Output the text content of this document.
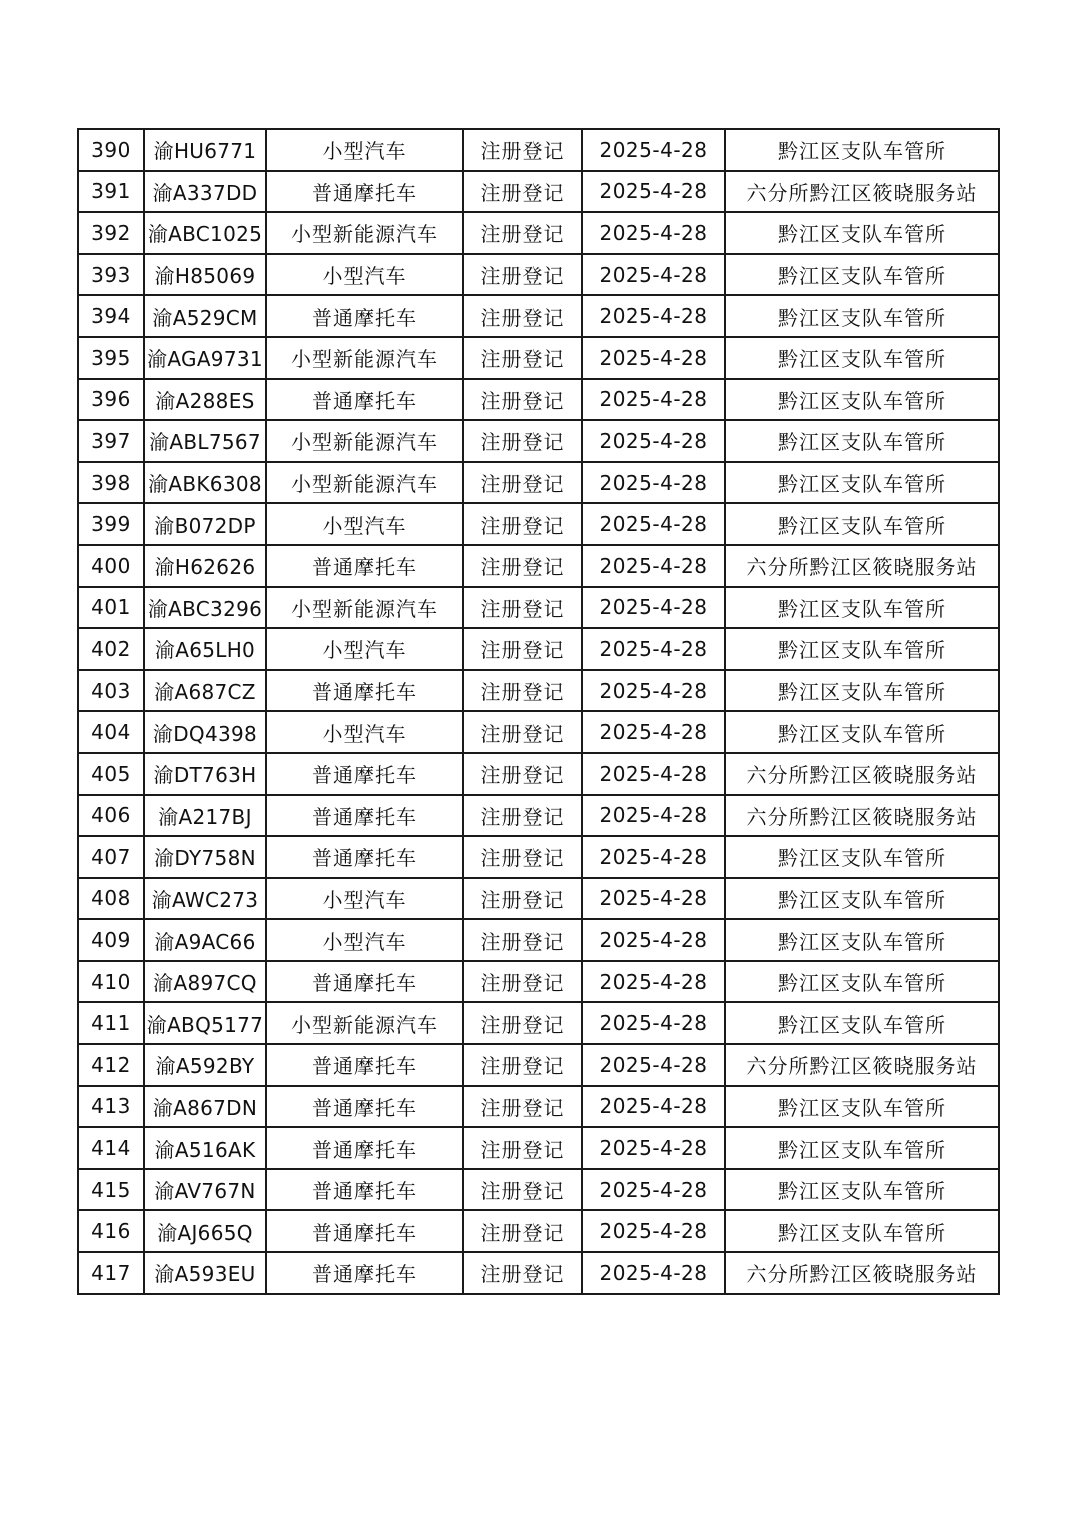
390	渝HU6771	小型汽车	注册登记	2025-4-28	黔江区支队车管所
391	渝A337DD	普通摩托车	注册登记	2025-4-28	六分所黔江区筱晓服务站
392	渝ABC1025	小型新能源汽车	注册登记	2025-4-28	黔江区支队车管所
393	渝H85069	小型汽车	注册登记	2025-4-28	黔江区支队车管所
394	渝A529CM	普通摩托车	注册登记	2025-4-28	黔江区支队车管所
395	渝AGA9731	小型新能源汽车	注册登记	2025-4-28	黔江区支队车管所
396	渝A288ES	普通摩托车	注册登记	2025-4-28	黔江区支队车管所
397	渝ABL7567	小型新能源汽车	注册登记	2025-4-28	黔江区支队车管所
398	渝ABK6308	小型新能源汽车	注册登记	2025-4-28	黔江区支队车管所
399	渝B072DP	小型汽车	注册登记	2025-4-28	黔江区支队车管所
400	渝H62626	普通摩托车	注册登记	2025-4-28	六分所黔江区筱晓服务站
401	渝ABC3296	小型新能源汽车	注册登记	2025-4-28	黔江区支队车管所
402	渝A65LH0	小型汽车	注册登记	2025-4-28	黔江区支队车管所
403	渝A687CZ	普通摩托车	注册登记	2025-4-28	黔江区支队车管所
404	渝DQ4398	小型汽车	注册登记	2025-4-28	黔江区支队车管所
405	渝DT763H	普通摩托车	注册登记	2025-4-28	六分所黔江区筱晓服务站
406	渝A217BJ	普通摩托车	注册登记	2025-4-28	六分所黔江区筱晓服务站
407	渝DY758N	普通摩托车	注册登记	2025-4-28	黔江区支队车管所
408	渝AWC273	小型汽车	注册登记	2025-4-28	黔江区支队车管所
409	渝A9AC66	小型汽车	注册登记	2025-4-28	黔江区支队车管所
410	渝A897CQ	普通摩托车	注册登记	2025-4-28	黔江区支队车管所
411	渝ABQ5177	小型新能源汽车	注册登记	2025-4-28	黔江区支队车管所
412	渝A592BY	普通摩托车	注册登记	2025-4-28	六分所黔江区筱晓服务站
413	渝A867DN	普通摩托车	注册登记	2025-4-28	黔江区支队车管所
414	渝A516AK	普通摩托车	注册登记	2025-4-28	黔江区支队车管所
415	渝AV767N	普通摩托车	注册登记	2025-4-28	黔江区支队车管所
416	渝AJ665Q	普通摩托车	注册登记	2025-4-28	黔江区支队车管所
417	渝A593EU	普通摩托车	注册登记	2025-4-28	六分所黔江区筱晓服务站
